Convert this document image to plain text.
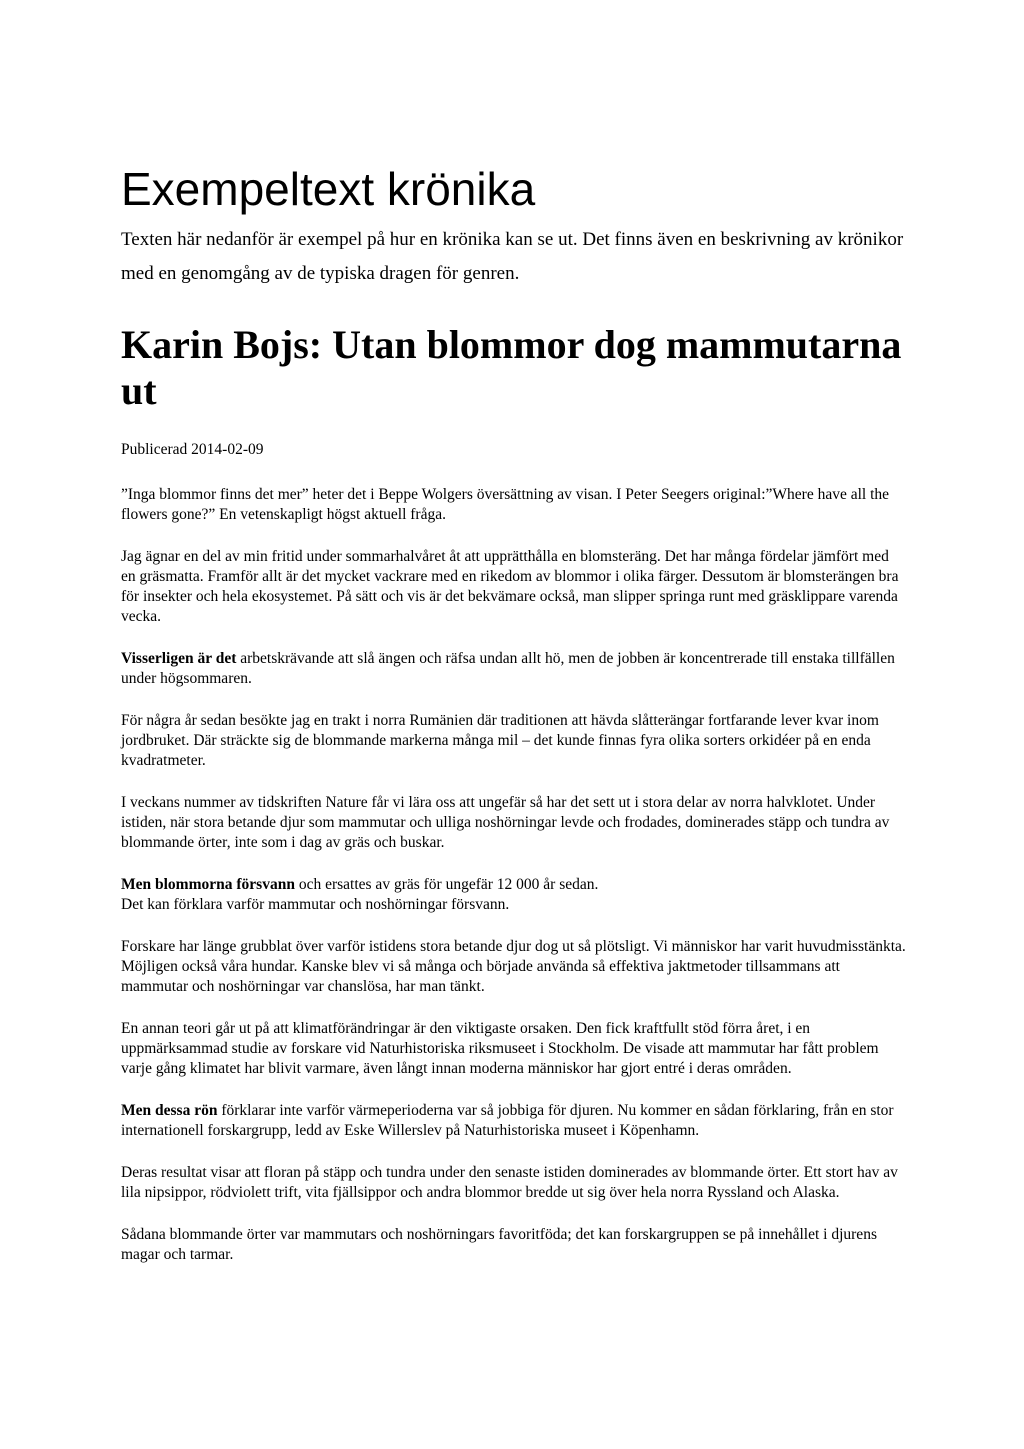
Exempeltext krönika

Texten här nedanför är exempel på hur en krönika kan se ut. Det finns även en beskrivning av krönikor med en genomgång av de typiska dragen för genren.

Karin Bojs: Utan blommor dog mammutarna ut

Publicerad 2014-02-09

”Inga blommor finns det mer” heter det i Beppe Wolgers översättning av visan. I Peter Seegers original:”Where have all the flowers gone?” En vetenskapligt högst aktuell fråga.

Jag ägnar en del av min fritid under sommarhalvåret åt att upprätthålla en blomsteräng. Det har många fördelar jämfört med en gräsmatta. Framför allt är det mycket vackrare med en rikedom av blommor i olika färger. Dessutom är blomsterängen bra för insekter och hela ekosystemet. På sätt och vis är det bekvämare också, man slipper springa runt med gräsklippare varenda vecka.

Visserligen är det arbetskrävande att slå ängen och räfsa undan allt hö, men de jobben är koncentrerade till enstaka tillfällen under högsommaren.

För några år sedan besökte jag en trakt i norra Rumänien där traditionen att hävda slåtterängar fortfarande lever kvar inom jordbruket. Där sträckte sig de blommande markerna många mil – det kunde finnas fyra olika sorters orkidéer på en enda kvadratmeter.

I veckans nummer av tidskriften Nature får vi lära oss att ungefär så har det sett ut i stora delar av norra halvklotet. Under istiden, när stora betande djur som mammutar och ulliga noshörningar levde och frodades, dominerades stäpp och tundra av blommande örter, inte som i dag av gräs och buskar.

Men blommorna försvann och ersattes av gräs för ungefär 12 000 år sedan.
Det kan förklara varför mammutar och noshörningar försvann.

Forskare har länge grubblat över varför istidens stora betande djur dog ut så plötsligt. Vi människor har varit huvudmisstänkta. Möjligen också våra hundar. Kanske blev vi så många och började använda så effektiva jaktmetoder tillsammans att mammutar och noshörningar var chanslösa, har man tänkt.

En annan teori går ut på att klimatförändringar är den viktigaste orsaken. Den fick kraftfullt stöd förra året, i en uppmärksammad studie av forskare vid Naturhistoriska riksmuseet i Stockholm. De visade att mammutar har fått problem varje gång klimatet har blivit varmare, även långt innan moderna människor har gjort entré i deras områden.

Men dessa rön förklarar inte varför värmeperioderna var så jobbiga för djuren. Nu kommer en sådan förklaring, från en stor internationell forskargrupp, ledd av Eske Willerslev på Naturhistoriska museet i Köpenhamn.

Deras resultat visar att floran på stäpp och tundra under den senaste istiden dominerades av blommande örter. Ett stort hav av lila nipsippor, rödviolett trift, vita fjällsippor och andra blommor bredde ut sig över hela norra Ryssland och Alaska.

Sådana blommande örter var mammutars och noshörningars favoritföda; det kan forskargruppen se på innehållet i djurens magar och tarmar.
